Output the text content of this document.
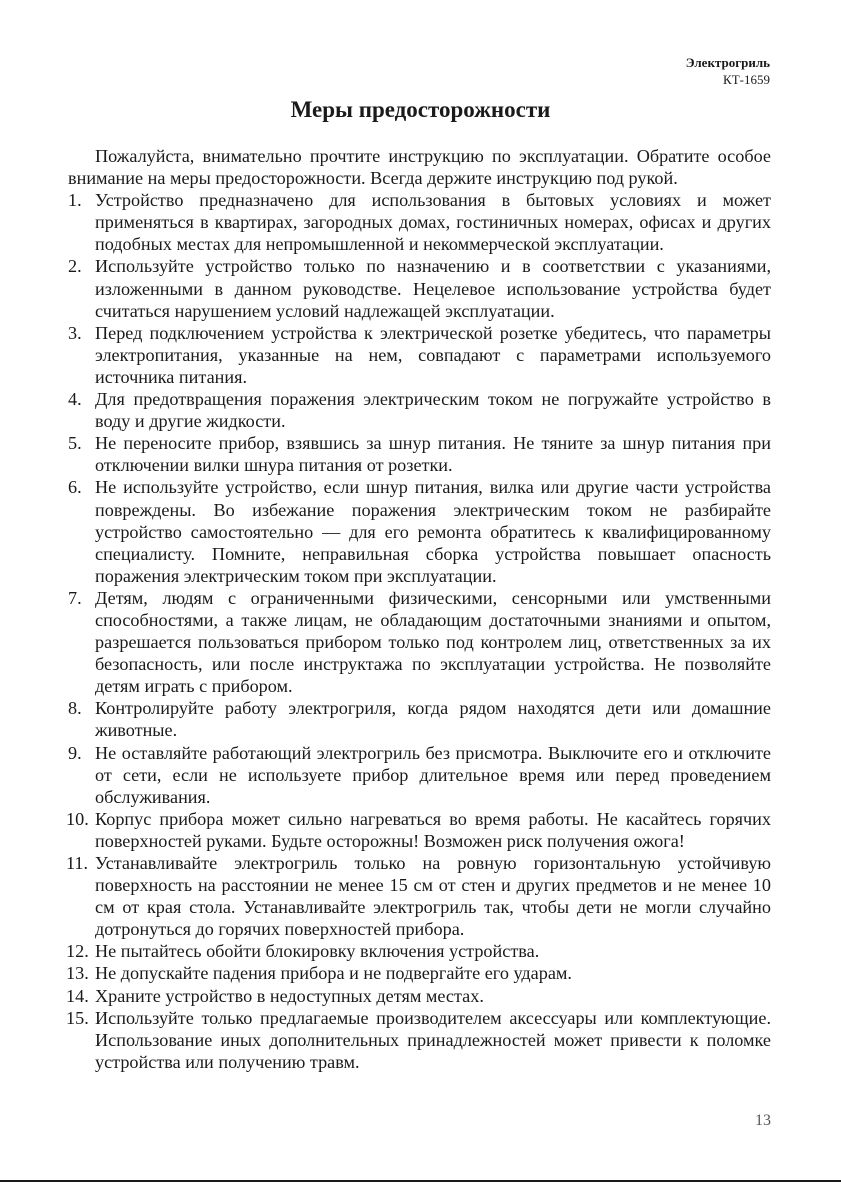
Электрогриль
КТ-1659
Меры предосторожности

Пожалуйста, внимательно прочтите инструкцию по эксплуатации. Обратите особое внимание на меры предосторожности. Всегда держите инструкцию под рукой.

1. Устройство предназначено для использования в бытовых условиях и может применяться в квартирах, загородных домах, гостиничных номерах, офисах и других подобных местах для непромышленной и некоммерческой эксплуатации.
2. Используйте устройство только по назначению и в соответствии с указаниями, изложенными в данном руководстве. Нецелевое использование устройства будет считаться нарушением условий надлежащей эксплуатации.
3. Перед подключением устройства к электрической розетке убедитесь, что параметры электропитания, указанные на нем, совпадают с параметрами используемого источника питания.
4. Для предотвращения поражения электрическим током не погружайте устройство в воду и другие жидкости.
5. Не переносите прибор, взявшись за шнур питания. Не тяните за шнур питания при отключении вилки шнура питания от розетки.
6. Не используйте устройство, если шнур питания, вилка или другие части устройства повреждены. Во избежание поражения электрическим током не разбирайте устройство самостоятельно — для его ремонта обратитесь к квалифицированному специалисту. Помните, неправильная сборка устройства повышает опасность поражения электрическим током при эксплуатации.
7. Детям, людям с ограниченными физическими, сенсорными или умственными способностями, а также лицам, не обладающим достаточными знаниями и опытом, разрешается пользоваться прибором только под контролем лиц, ответственных за их безопасность, или после инструктажа по эксплуатации устройства. Не позволяйте детям играть с прибором.
8. Контролируйте работу электрогриля, когда рядом находятся дети или домашние животные.
9. Не оставляйте работающий электрогриль без присмотра. Выключите его и отключите от сети, если не используете прибор длительное время или перед проведением обслуживания.
10. Корпус прибора может сильно нагреваться во время работы. Не касайтесь горячих поверхностей руками. Будьте осторожны! Возможен риск получения ожога!
11. Устанавливайте электрогриль только на ровную горизонтальную устойчивую поверхность на расстоянии не менее 15 см от стен и других предметов и не менее 10 см от края стола. Устанавливайте электрогриль так, чтобы дети не могли случайно дотронуться до горячих поверхностей прибора.
12. Не пытайтесь обойти блокировку включения устройства.
13. Не допускайте падения прибора и не подвергайте его ударам.
14. Храните устройство в недоступных детям местах.
15. Используйте только предлагаемые производителем аксессуары или комплектующие. Использование иных дополнительных принадлежностей может привести к поломке устройства или получению травм.
13
